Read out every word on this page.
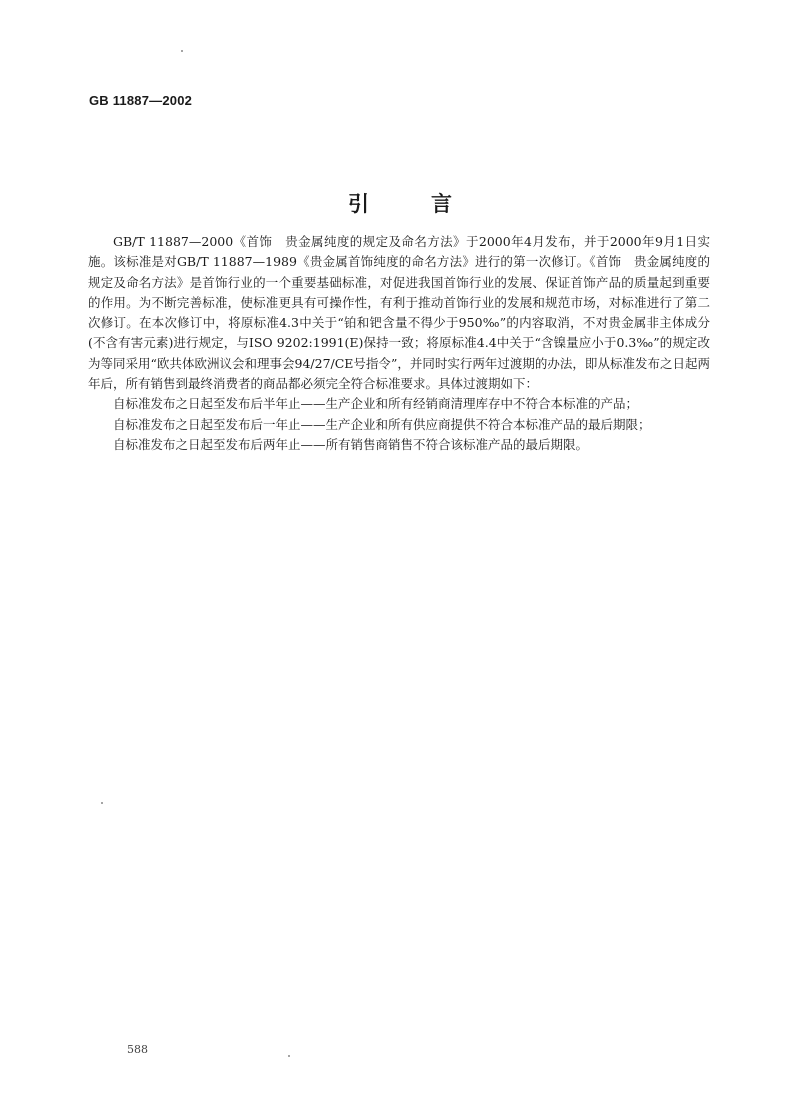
GB 11887—2002
引言

GB/T 11887—2000《首饰　贵金属纯度的规定及命名方法》于2000年4月发布，并于2000年9月1日实施。该标准是对GB/T 11887—1989《贵金属首饰纯度的命名方法》进行的第一次修订。《首饰　贵金属纯度的规定及命名方法》是首饰行业的一个重要基础标准，对促进我国首饰行业的发展、保证首饰产品的质量起到重要的作用。为不断完善标准，使标准更具有可操作性，有利于推动首饰行业的发展和规范市场，对标准进行了第二次修订。在本次修订中，将原标准4.3中关于“铂和钯含量不得少于950‰”的内容取消，不对贵金属非主体成分(不含有害元素)进行规定，与ISO 9202:1991(E)保持一致；将原标准4.4中关于“含镍量应小于0.3‰”的规定改为等同采用“欧共体欧洲议会和理事会94/27/CE号指令”，并同时实行两年过渡期的办法，即从标准发布之日起两年后，所有销售到最终消费者的商品都必须完全符合标准要求。具体过渡期如下：

自标准发布之日起至发布后半年止——生产企业和所有经销商清理库存中不符合本标准的产品；

自标准发布之日起至发布后一年止——生产企业和所有供应商提供不符合本标准产品的最后期限；

自标准发布之日起至发布后两年止——所有销售商销售不符合该标准产品的最后期限。

588
